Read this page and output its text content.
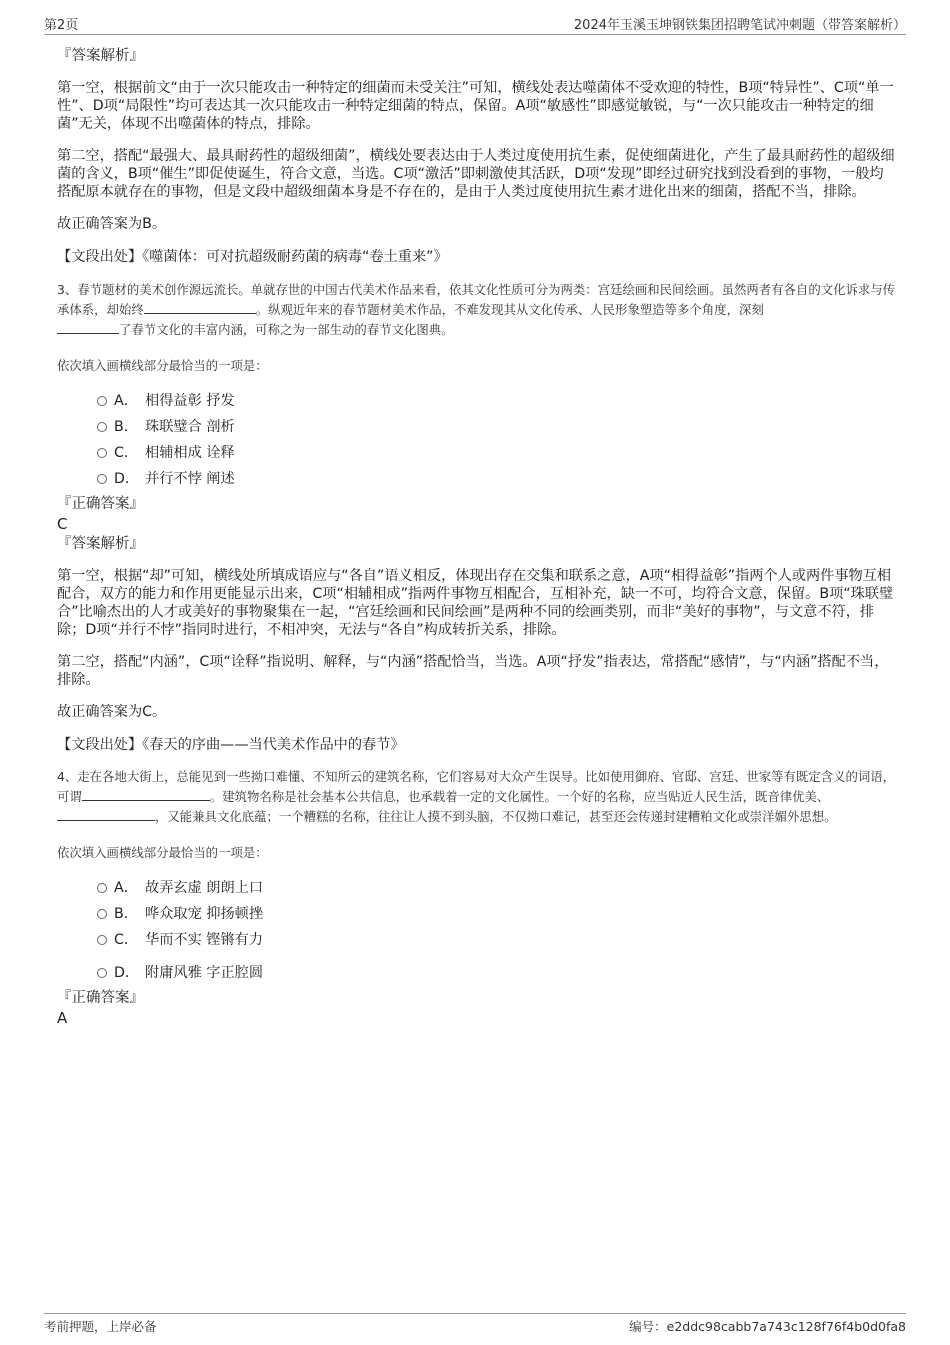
第2页	2024年玉溪玉坤钢铁集团招聘笔试冲刺题（带答案解析）
『答案解析』

第一空，根据前文“由于一次只能攻击一种特定的细菌而未受关注”可知，横线处表达噬菌体不受欢迎的特性，B项“特异性”、C项“单一性”、D项“局限性”均可表达其一次只能攻击一种特定细菌的特点，保留。A项“敏感性”即感觉敏锐，与“一次只能攻击一种特定的细菌”无关，体现不出噬菌体的特点，排除。

第二空，搭配“最强大、最具耐药性的超级细菌”，横线处要表达由于人类过度使用抗生素，促使细菌进化，产生了最具耐药性的超级细菌的含义，B项“催生”即促使诞生，符合文意，当选。C项“激活”即刺激使其活跃，D项“发现”即经过研究找到没看到的事物，一般均搭配原本就存在的事物，但是文段中超级细菌本身是不存在的，是由于人类过度使用抗生素才进化出来的细菌，搭配不当，排除。

故正确答案为B。

【文段出处】《噬菌体：可对抗超级耐药菌的病毒“卷土重来”》

3、春节题材的美术创作源远流长。单就存世的中国古代美术作品来看，依其文化性质可分为两类：宫廷绘画和民间绘画。虽然两者有各自的文化诉求与传承体系，却始终	。纵观近年来的春节题材美术作品，不难发现其从文化传承、人民形象塑造等多个角度，深刻
了春节文化的丰富内涵，可称之为一部生动的春节文化图典。

依次填入画横线部分最恰当的一项是：
A． 相得益彰 抒发
B． 珠联璧合 剖析
C． 相辅相成 诠释
D． 并行不悖 阐述
『正确答案』
C
『答案解析』

第一空，根据“却”可知，横线处所填成语应与“各自”语义相反，体现出存在交集和联系之意，A项“相得益彰”指两个人或两件事物互相配合，双方的能力和作用更能显示出来，C项“相辅相成”指两件事物互相配合，互相补充，缺一不可，均符合文意，保留。B项“珠联璧合”比喻杰出的人才或美好的事物聚集在一起，“宫廷绘画和民间绘画”是两种不同的绘画类别，而非“美好的事物”，与文意不符，排除；D项“并行不悖”指同时进行，不相冲突，无法与“各自”构成转折关系，排除。

第二空，搭配“内涵”，C项“诠释”指说明、解释，与“内涵”搭配恰当，当选。A项“抒发”指表达，常搭配“感情”，与“内涵”搭配不当，排除。

故正确答案为C。

【文段出处】《春天的序曲——当代美术作品中的春节》

4、走在各地大街上，总能见到一些拗口难懂、不知所云的建筑名称，它们容易对大众产生误导。比如使用御府、官邸、宫廷、世家等有既定含义的词语，可谓	。建筑物名称是社会基本公共信息，也承载着一定的文化属性。一个好的名称，应当贴近人民生活，既音律优美、，又能兼具文化底蕴；一个糟糕的名称，往往让人摸不到头脑，不仅拗口难记，甚至还会传递封建糟粕文化或崇洋媚外思想。

依次填入画横线部分最恰当的一项是：
A． 故弄玄虚 朗朗上口
B． 哗众取宠 抑扬顿挫
C． 华而不实 铿锵有力
D． 附庸风雅 字正腔圆
『正确答案』
A
考前押题，上岸必备	编号：e2ddc98cabb7a743c128f76f4b0d0fa8
